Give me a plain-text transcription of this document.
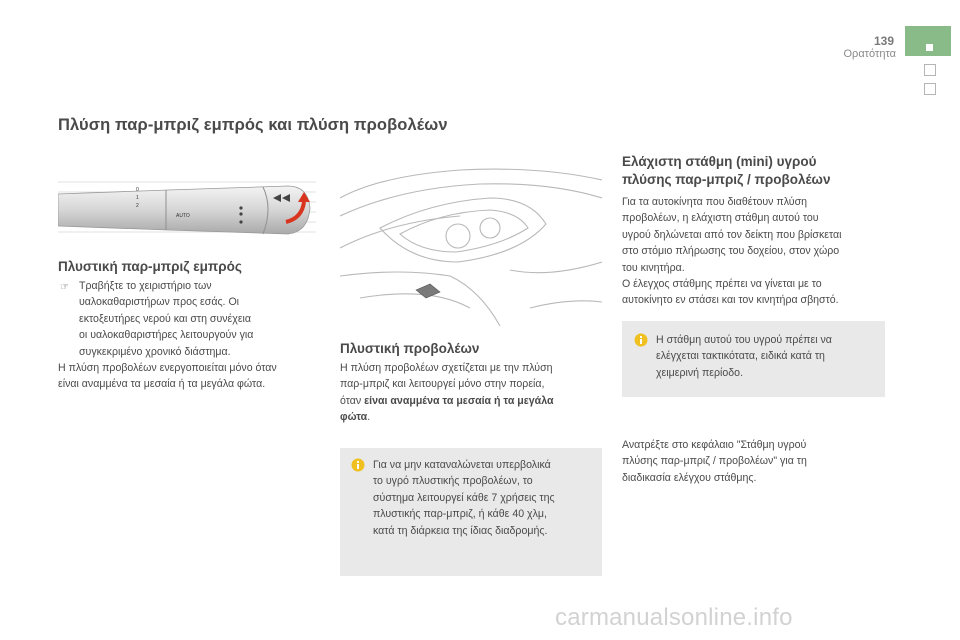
139
Ορατότητα
Πλύση παρ-μπριζ εμπρός και πλύση προβολέων
0
1
2
AUTO
Πλυστική παρ-μπριζ εμπρός
☞ Τραβήξτε το χειριστήριο των
υαλοκαθαριστήρων προς εσάς. Οι
εκτοξευτήρες νερού και στη συνέχεια
οι υαλοκαθαριστήρες λειτουργούν για
συγκεκριμένο χρονικό διάστημα.
Η πλύση προβολέων ενεργοποιείται μόνο όταν
είναι αναμμένα τα μεσαία ή τα μεγάλα φώτα.
Πλυστική προβολέων
Η πλύση προβολέων σχετίζεται με την πλύση
παρ-μπριζ και λειτουργεί μόνο στην πορεία,
όταν είναι αναμμένα τα μεσαία ή τα μεγάλα
φώτα.
Για να μην καταναλώνεται υπερβολικά
το υγρό πλυστικής προβολέων, το
σύστημα λειτουργεί κάθε 7 χρήσεις της
πλυστικής παρ-μπριζ, ή κάθε 40 χλμ,
κατά τη διάρκεια της ίδιας διαδρομής.
Ελάχιστη στάθμη (mini) υγρού
πλύσης παρ-μπριζ / προβολέων
Για τα αυτοκίνητα που διαθέτουν πλύση
προβολέων, η ελάχιστη στάθμη αυτού του
υγρού δηλώνεται από τον δείκτη που βρίσκεται
στο στόμιο πλήρωσης του δοχείου, στον χώρο
του κινητήρα.
Ο έλεγχος στάθμης πρέπει να γίνεται με το
αυτοκίνητο εν στάσει και τον κινητήρα σβηστό.
Η στάθμη αυτού του υγρού πρέπει να
ελέγχεται τακτικότατα, ειδικά κατά τη
χειμερινή περίοδο.
Ανατρέξτε στο κεφάλαιο "Στάθμη υγρού
πλύσης παρ-μπριζ / προβολέων" για τη
διαδικασία ελέγχου στάθμης.
carmanualsonline.info
